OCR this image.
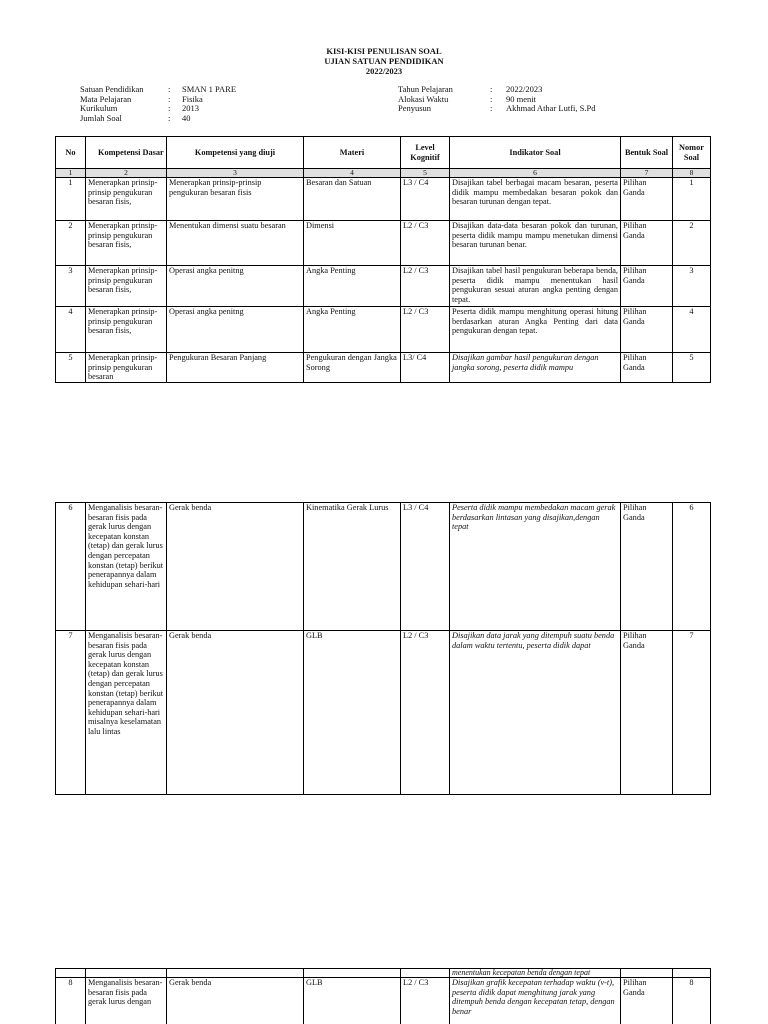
KISI-KISI PENULISAN SOAL
UJIAN SATUAN PENDIDIKAN
2022/2023
Satuan Pendidikan	: SMAN 1 PARE
Mata Pelajaran	: Fisika
Kurikulum	: 2013
Jumlah Soal	: 40
Tahun Pelajaran	: 2022/2023
Alokasi Waktu	: 90 menit
Penyusun	: Akhmad Athar Lutfi, S.Pd
No	Kompetensi Dasar	Kompetensi yang diuji	Materi	Level Kognitif	Indikator Soal	Bentuk Soal	Nomor Soal
1	2	3	4	5	6	7	8
1	Menerapkan prinsip-prinsip pengukuran besaran fisis,	Menerapkan prinsip-prinsip pengukuran besaran fisis	Besaran dan Satuan	L3 / C4	Disajikan tabel berbagai macam besaran, peserta didik mampu membedakan besaran pokok dan besaran turunan dengan tepat.	Pilihan Ganda	1
2	Menerapkan prinsip-prinsip pengukuran besaran fisis,	Menentukan dimensi suatu besaran	Dimensi	L2 / C3	Disajikan data-data besaran pokok dan turunan, peserta didik mampu mampu menetukan dimensi besaran turunan benar.	Pilihan Ganda	2
3	Menerapkan prinsip-prinsip pengukuran besaran fisis,	Operasi angka penitng	Angka Penting	L2 / C3	Disajikan tabel hasil pengukuran beberapa benda, peserta didik mampu menentukan hasil pengukuran sesuai aturan angka penting dengan tepat.	Pilihan Ganda	3
4	Menerapkan prinsip-prinsip pengukuran besaran fisis,	Operasi angka penitng	Angka Penting	L2 / C3	Peserta didik mampu menghitung operasi hitung berdasarkan aturan Angka Penting dari data pengukuran dengan tepat.	Pilihan Ganda	4
5	Menerapkan prinsip-prinsip pengukuran besaran	Pengukuran Besaran Panjang	Pengukuran dengan Jangka Sorong	L3/ C4	Disajikan gambar hasil pengukuran dengan jangka sorong, peserta didik mampu	Pilihan Ganda	5
6	Menganalisis besaran-besaran fisis pada gerak lurus dengan kecepatan konstan (tetap) dan gerak lurus dengan percepatan konstan (tetap) berikut penerapannya dalam kehidupan sehari-hari	Gerak benda	Kinematika Gerak Lurus	L3 / C4	Peserta didik mampu membedakan macam gerak berdasarkan lintasan yang disajikan,dengan tepat	Pilihan Ganda	6
7	Menganalisis besaran-besaran fisis pada gerak lurus dengan kecepatan konstan (tetap) dan gerak lurus dengan percepatan konstan (tetap) berikut penerapannya dalam kehidupan sehari-hari misalnya keselamatan lalu lintas	Gerak benda	GLB	L2 / C3	Disajikan data jarak yang ditempuh suatu benda dalam waktu tertentu, peserta didik dapat	Pilihan Ganda	7
					menentukan kecepatan benda dengan tepat		
8	Menganalisis besaran-besaran fisis pada gerak lurus dengan	Gerak benda	GLB	L2 / C3	Disajikan grafik kecepatan terhadap waktu (v-t), peserta didik dapat menghitung jarak yang ditempuh benda dengan kecepatan tetap, dengan benar	Pilihan Ganda	8
